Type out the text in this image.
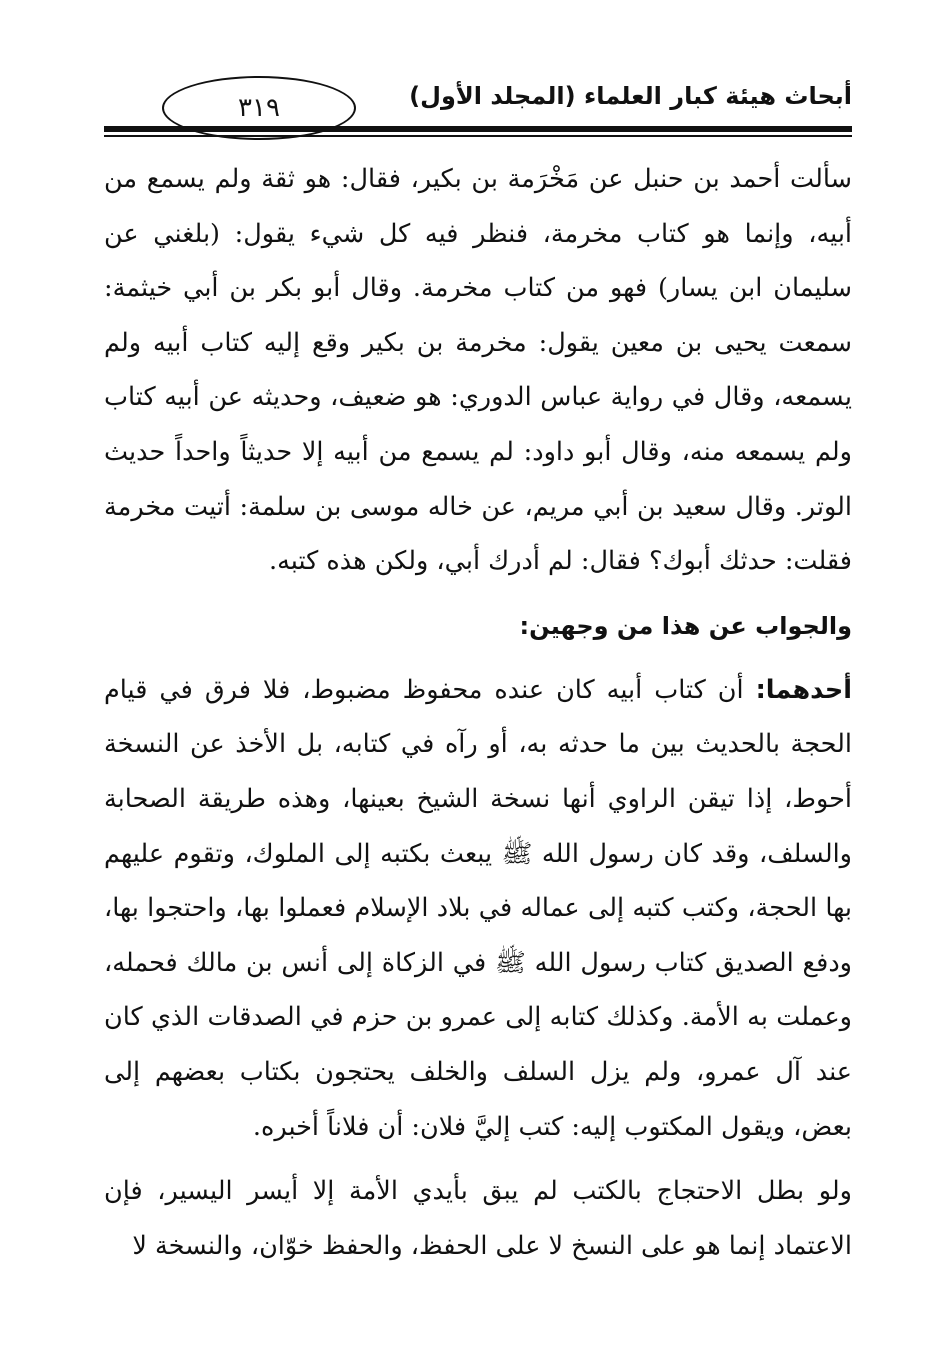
أبحاث هيئة كبار العلماء (المجلد الأول)
٣١٩

سألت أحمد بن حنبل عن مَخْرَمة بن بكير، فقال: هو ثقة ولم يسمع من أبيه، وإنما هو كتاب مخرمة، فنظر فيه كل شيء يقول: (بلغني عن سليمان ابن يسار) فهو من كتاب مخرمة. وقال أبو بكر بن أبي خيثمة: سمعت يحيى بن معين يقول: مخرمة بن بكير وقع إليه كتاب أبيه ولم يسمعه، وقال في رواية عباس الدوري: هو ضعيف، وحديثه عن أبيه كتاب ولم يسمعه منه، وقال أبو داود: لم يسمع من أبيه إلا حديثاً واحداً حديث الوتر. وقال سعيد بن أبي مريم، عن خاله موسى بن سلمة: أتيت مخرمة فقلت: حدثك أبوك؟ فقال: لم أدرك أبي، ولكن هذه كتبه.

والجواب عن هذا من وجهين:

أحدهما: أن كتاب أبيه كان عنده محفوظ مضبوط، فلا فرق في قيام الحجة بالحديث بين ما حدثه به، أو رآه في كتابه، بل الأخذ عن النسخة أحوط، إذا تيقن الراوي أنها نسخة الشيخ بعينها، وهذه طريقة الصحابة والسلف، وقد كان رسول الله ﷺ يبعث بكتبه إلى الملوك، وتقوم عليهم بها الحجة، وكتب كتبه إلى عماله في بلاد الإسلام فعملوا بها، واحتجوا بها، ودفع الصديق كتاب رسول الله ﷺ في الزكاة إلى أنس بن مالك فحمله، وعملت به الأمة. وكذلك كتابه إلى عمرو بن حزم في الصدقات الذي كان عند آل عمرو، ولم يزل السلف والخلف يحتجون بكتاب بعضهم إلى بعض، ويقول المكتوب إليه: كتب إليَّ فلان: أن فلاناً أخبره.

ولو بطل الاحتجاج بالكتب لم يبق بأيدي الأمة إلا أيسر اليسير، فإن الاعتماد إنما هو على النسخ لا على الحفظ، والحفظ خوّان، والنسخة لا
